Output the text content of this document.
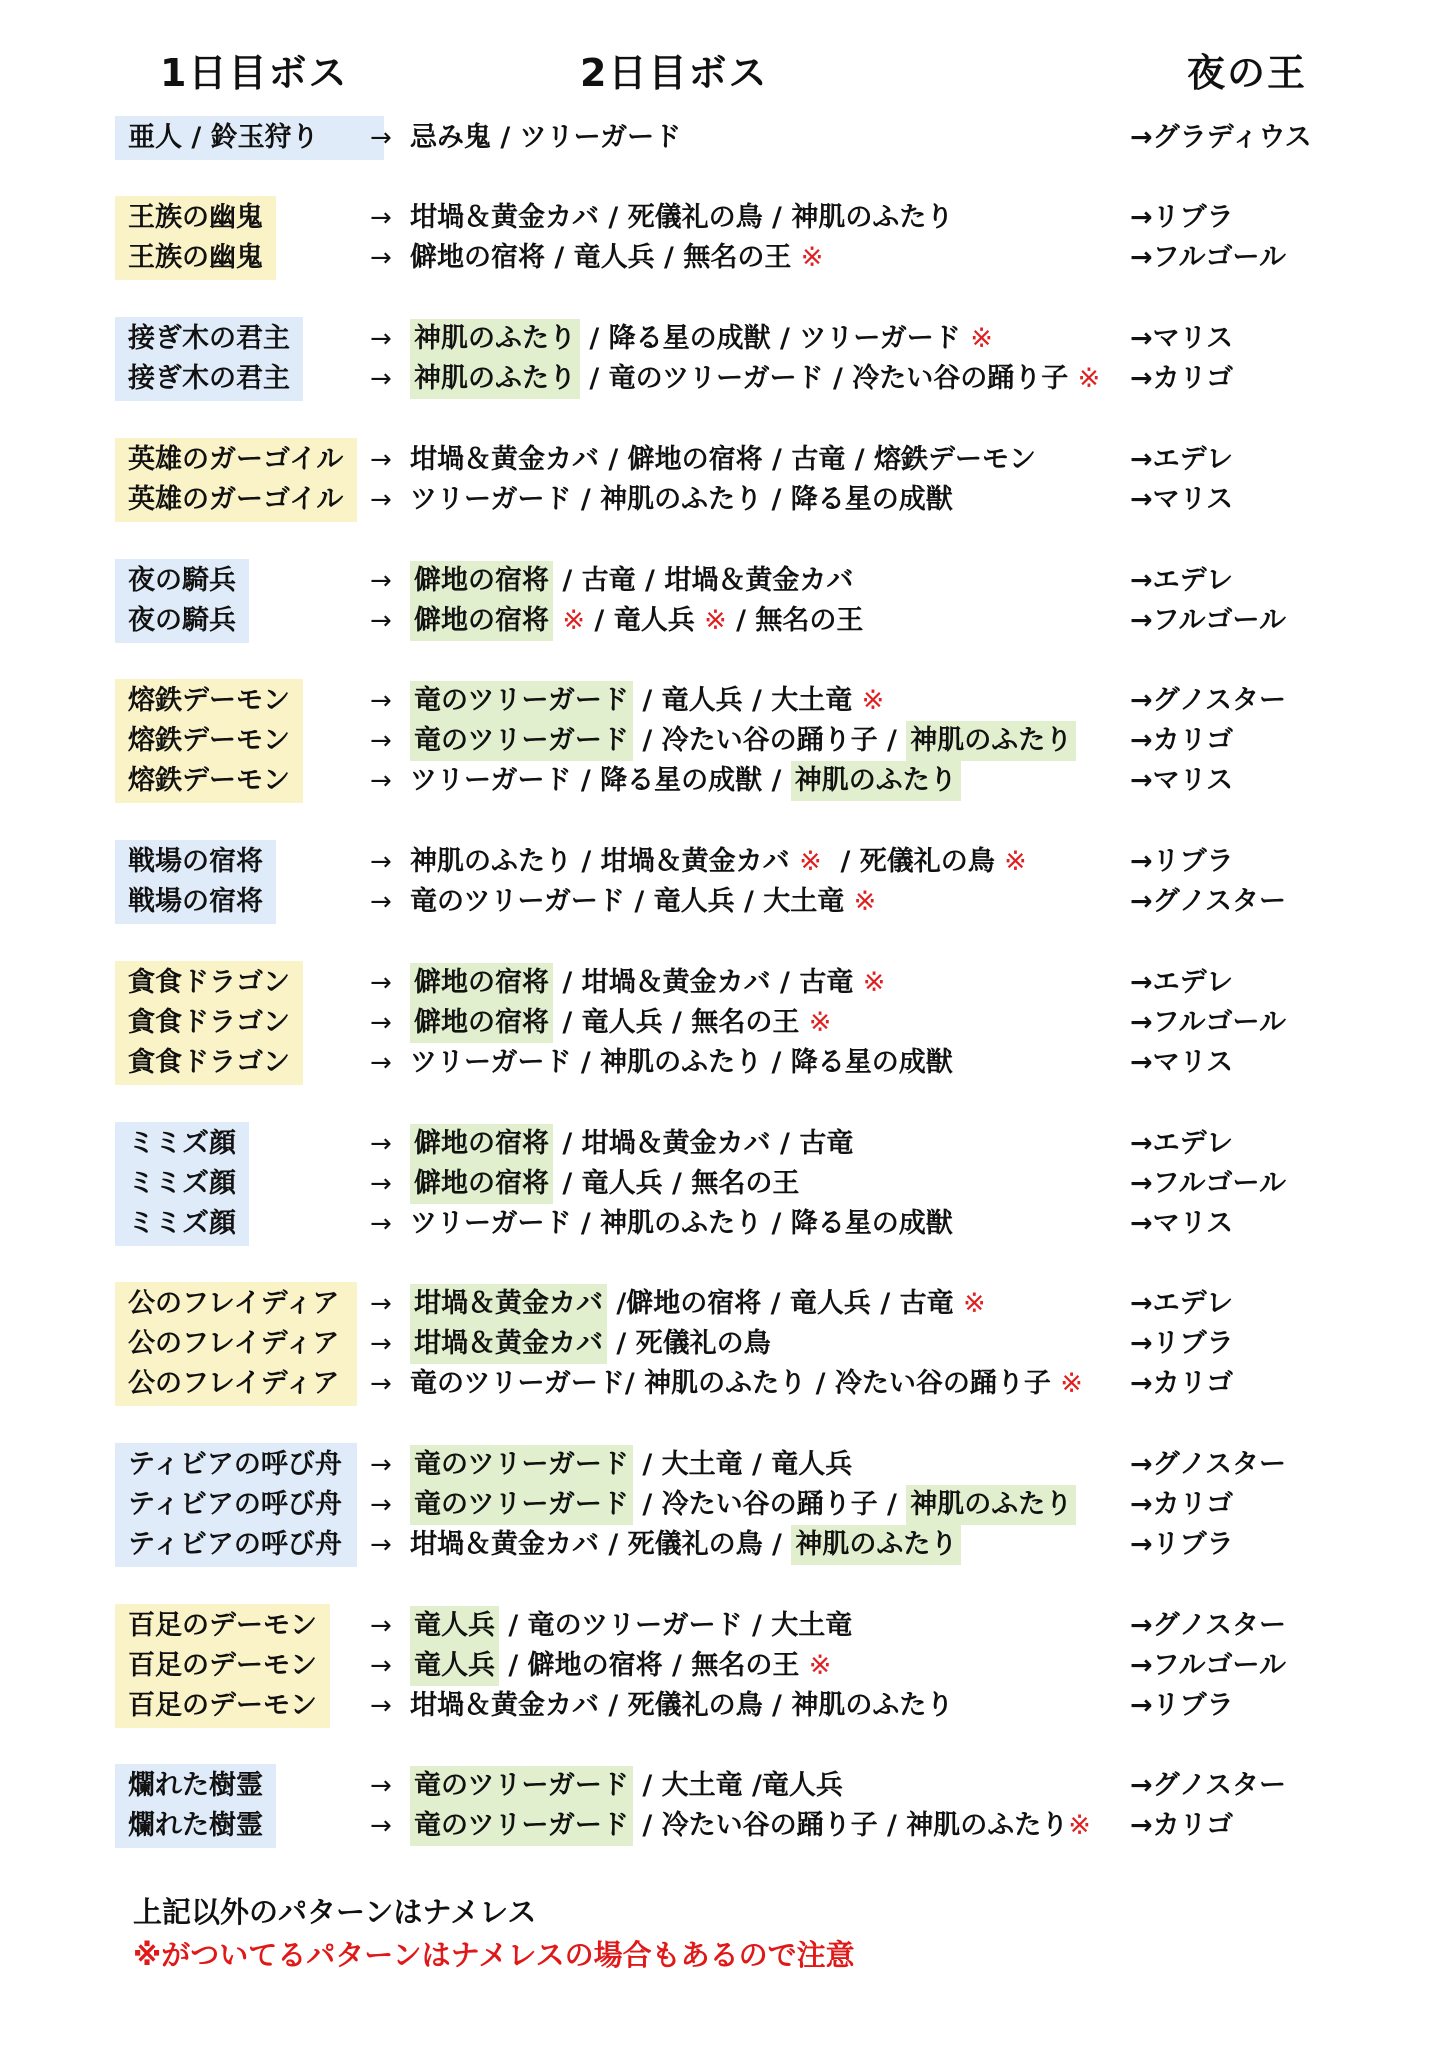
1日目ボス	2日目ボス	夜の王
亜人 / 鈴玉狩り → 忌み鬼 / ツリーガード	→グラディウス
王族の幽鬼	→ 坩堝＆黄金カバ / 死儀礼の鳥 / 神肌のふたり	→リブラ
王族の幽鬼	→ 僻地の宿将 / 竜人兵 / 無名の王 ※	→フルゴール
接ぎ木の君主	→ 神肌のふたり / 降る星の成獣 / ツリーガード ※	→マリス
接ぎ木の君主	→ 神肌のふたり / 竜のツリーガード / 冷たい谷の踊り子 ※ →カリゴ
英雄のガーゴイル → 坩堝＆黄金カバ / 僻地の宿将 / 古竜 / 熔鉄デーモン	→エデレ
英雄のガーゴイル → ツリーガード / 神肌のふたり / 降る星の成獣	→マリス
夜の騎兵	→ 僻地の宿将 / 古竜 / 坩堝＆黄金カバ	→エデレ
夜の騎兵	→ 僻地の宿将 ※ / 竜人兵 ※ / 無名の王	→フルゴール
熔鉄デーモン	→ 竜のツリーガード / 竜人兵 / 大土竜 ※	→グノスター
熔鉄デーモン	→ 竜のツリーガード / 冷たい谷の踊り子 / 神肌のふたり →カリゴ
熔鉄デーモン	→ ツリーガード / 降る星の成獣 / 神肌のふたり	→マリス
戦場の宿将	→ 神肌のふたり / 坩堝＆黄金カバ ※  / 死儀礼の鳥 ※	→リブラ
戦場の宿将	→ 竜のツリーガード / 竜人兵 / 大土竜 ※	→グノスター
貪食ドラゴン	→ 僻地の宿将 / 坩堝＆黄金カバ / 古竜 ※	→エデレ
貪食ドラゴン	→ 僻地の宿将 / 竜人兵 / 無名の王 ※	→フルゴール
貪食ドラゴン	→ ツリーガード / 神肌のふたり / 降る星の成獣	→マリス
ミミズ顔	→ 僻地の宿将 / 坩堝＆黄金カバ / 古竜	→エデレ
ミミズ顔	→ 僻地の宿将 / 竜人兵 / 無名の王	→フルゴール
ミミズ顔	→ ツリーガード / 神肌のふたり / 降る星の成獣	→マリス
公のフレイディア → 坩堝＆黄金カバ /僻地の宿将 / 竜人兵 / 古竜 ※	→エデレ
公のフレイディア → 坩堝＆黄金カバ / 死儀礼の鳥	→リブラ
公のフレイディア → 竜のツリーガード/ 神肌のふたり / 冷たい谷の踊り子 ※ →カリゴ
ティビアの呼び舟 → 竜のツリーガード / 大土竜 / 竜人兵	→グノスター
ティビアの呼び舟 → 竜のツリーガード / 冷たい谷の踊り子 / 神肌のふたり →カリゴ
ティビアの呼び舟 → 坩堝＆黄金カバ / 死儀礼の鳥 / 神肌のふたり	→リブラ
百足のデーモン → 竜人兵 / 竜のツリーガード / 大土竜	→グノスター
百足のデーモン → 竜人兵 / 僻地の宿将 / 無名の王 ※	→フルゴール
百足のデーモン → 坩堝＆黄金カバ / 死儀礼の鳥 / 神肌のふたり	→リブラ
爛れた樹霊	→ 竜のツリーガード / 大土竜 /竜人兵	→グノスター
爛れた樹霊	→ 竜のツリーガード / 冷たい谷の踊り子 / 神肌のふたり※ →カリゴ
上記以外のパターンはナメレス
※がついてるパターンはナメレスの場合もあるので注意
